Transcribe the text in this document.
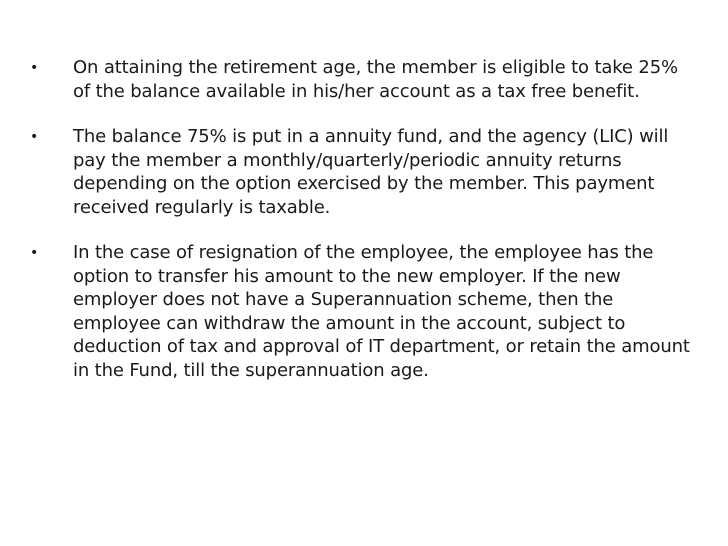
• On attaining the retirement age, the member is eligible to take 25% of the balance available in his/her account as a tax free benefit.
• The balance 75% is put in a annuity fund, and the agency (LIC) will pay the member a monthly/quarterly/periodic annuity returns depending on the option exercised by the member. This payment received regularly is taxable.
• In the case of resignation of the employee, the employee has the option to transfer his amount to the new employer. If the new employer does not have a Superannuation scheme, then the employee can withdraw the amount in the account, subject to deduction of tax and approval of IT department, or retain the amount in the Fund, till the superannuation age.
